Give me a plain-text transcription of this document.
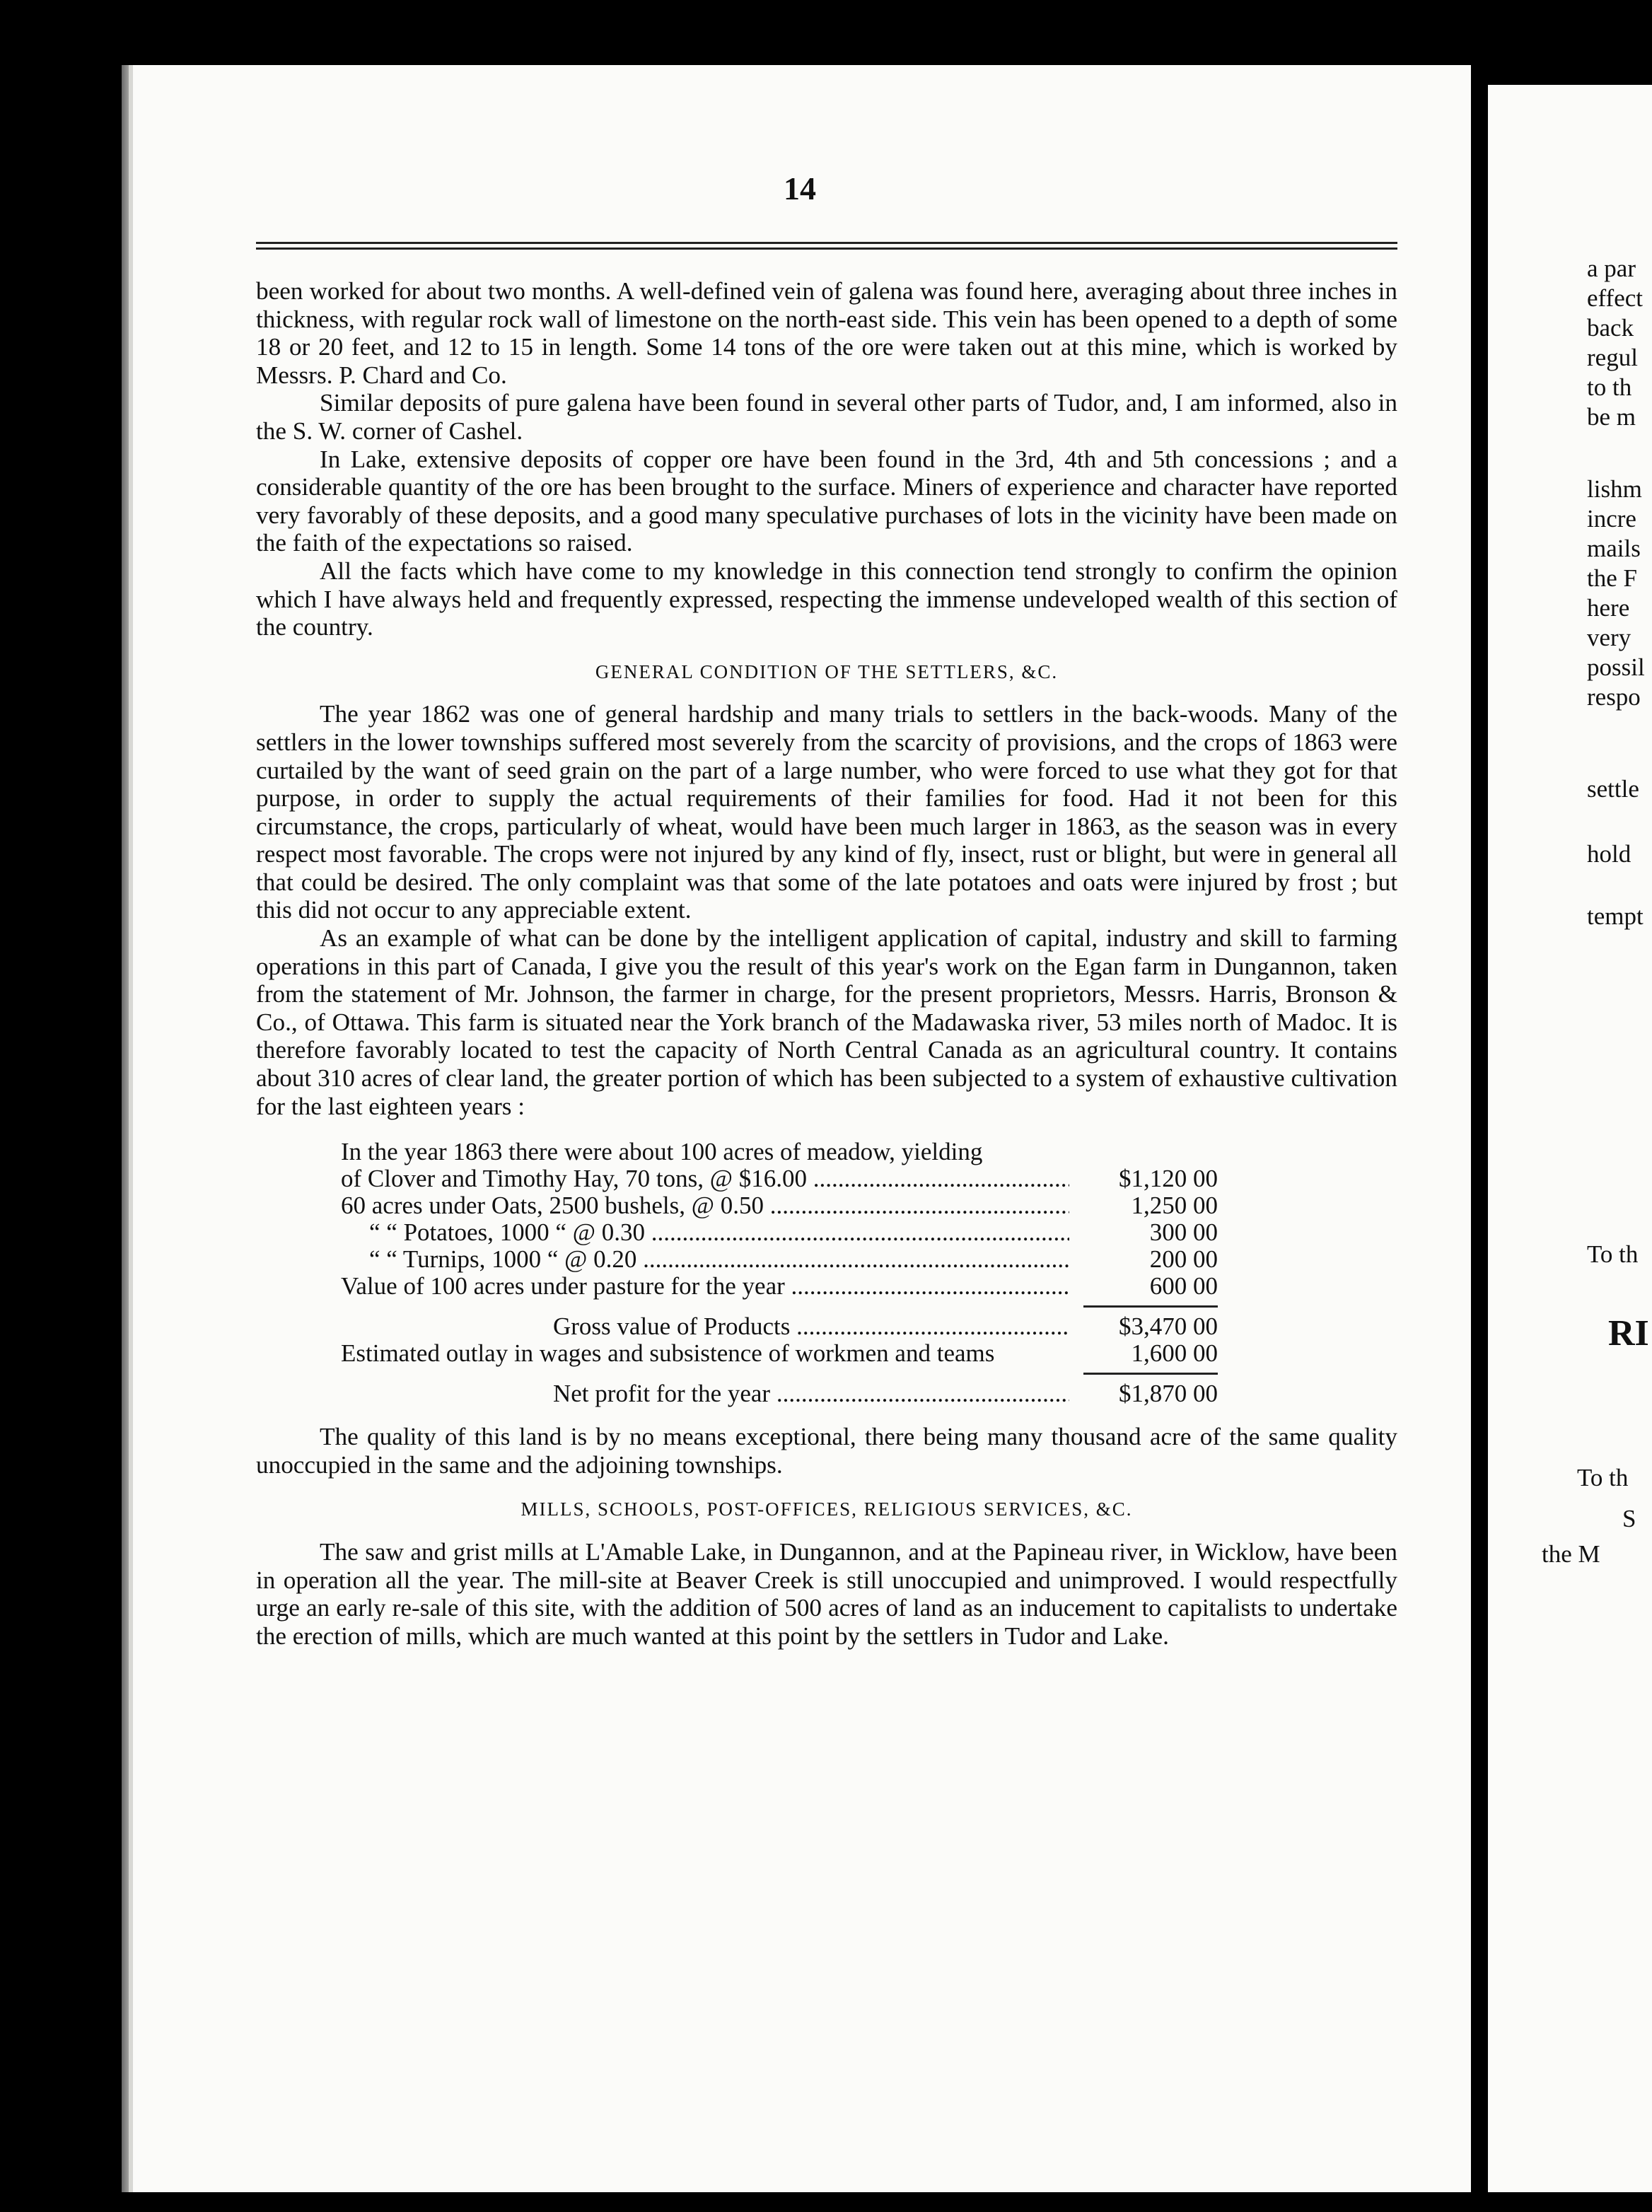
14

been worked for about two months. A well-defined vein of galena was found here, averaging about three inches in thickness, with regular rock wall of limestone on the north-east side. This vein has been opened to a depth of some 18 or 20 feet, and 12 to 15 in length. Some 14 tons of the ore were taken out at this mine, which is worked by Messrs. P. Chard and Co.

Similar deposits of pure galena have been found in several other parts of Tudor, and, I am informed, also in the S. W. corner of Cashel.

In Lake, extensive deposits of copper ore have been found in the 3rd, 4th and 5th concessions ; and a considerable quantity of the ore has been brought to the surface. Miners of experience and character have reported very favorably of these deposits, and a good many speculative purchases of lots in the vicinity have been made on the faith of the expectations so raised.

All the facts which have come to my knowledge in this connection tend strongly to confirm the opinion which I have always held and frequently expressed, respecting the immense undeveloped wealth of this section of the country.

GENERAL CONDITION OF THE SETTLERS, &C.

The year 1862 was one of general hardship and many trials to settlers in the back-woods. Many of the settlers in the lower townships suffered most severely from the scarcity of provisions, and the crops of 1863 were curtailed by the want of seed grain on the part of a large number, who were forced to use what they got for that purpose, in order to supply the actual requirements of their families for food. Had it not been for this circumstance, the crops, particularly of wheat, would have been much larger in 1863, as the season was in every respect most favorable. The crops were not injured by any kind of fly, insect, rust or blight, but were in general all that could be desired. The only complaint was that some of the late potatoes and oats were injured by frost ; but this did not occur to any appreciable extent.

As an example of what can be done by the intelligent application of capital, industry and skill to farming operations in this part of Canada, I give you the result of this year's work on the Egan farm in Dungannon, taken from the statement of Mr. Johnson, the farmer in charge, for the present proprietors, Messrs. Harris, Bronson & Co., of Ottawa. This farm is situated near the York branch of the Madawaska river, 53 miles north of Madoc. It is therefore favorably located to test the capacity of North Central Canada as an agricultural country. It contains about 310 acres of clear land, the greater portion of which has been subjected to a system of exhaustive cultivation for the last eighteen years :

In the year 1863 there were about 100 acres of meadow, yielding
of Clover and Timothy Hay, 70 tons, @ $16.00 .....	$1,120 00
60 acres under Oats, 2500 bushels, @ 0.50 .....	1,250 00
“ “ Potatoes, 1000 “ @ 0.30 .....	300 00
“ “ Turnips, 1000 “ @ 0.20 .....	200 00
Value of 100 acres under pasture for the year .....	600 00
Gross value of Products .....	$3,470 00
Estimated outlay in wages and subsistence of workmen and teams	1,600 00
Net profit for the year .....	$1,870 00

The quality of this land is by no means exceptional, there being many thousand acre of the same quality unoccupied in the same and the adjoining townships.

MILLS, SCHOOLS, POST-OFFICES, RELIGIOUS SERVICES, &C.

The saw and grist mills at L'Amable Lake, in Dungannon, and at the Papineau river, in Wicklow, have been in operation all the year. The mill-site at Beaver Creek is still unoccupied and unimproved. I would respectfully urge an early re-sale of this site, with the addition of 500 acres of land as an inducement to capitalists to undertake the erection of mills, which are much wanted at this point by the settlers in Tudor and Lake.

a par
effect
back
regul
to th
be m
lishm
incre
mails
the F
here
very
possil
respo
settle
hold
tempt
To th
RI
To th
S
the M
